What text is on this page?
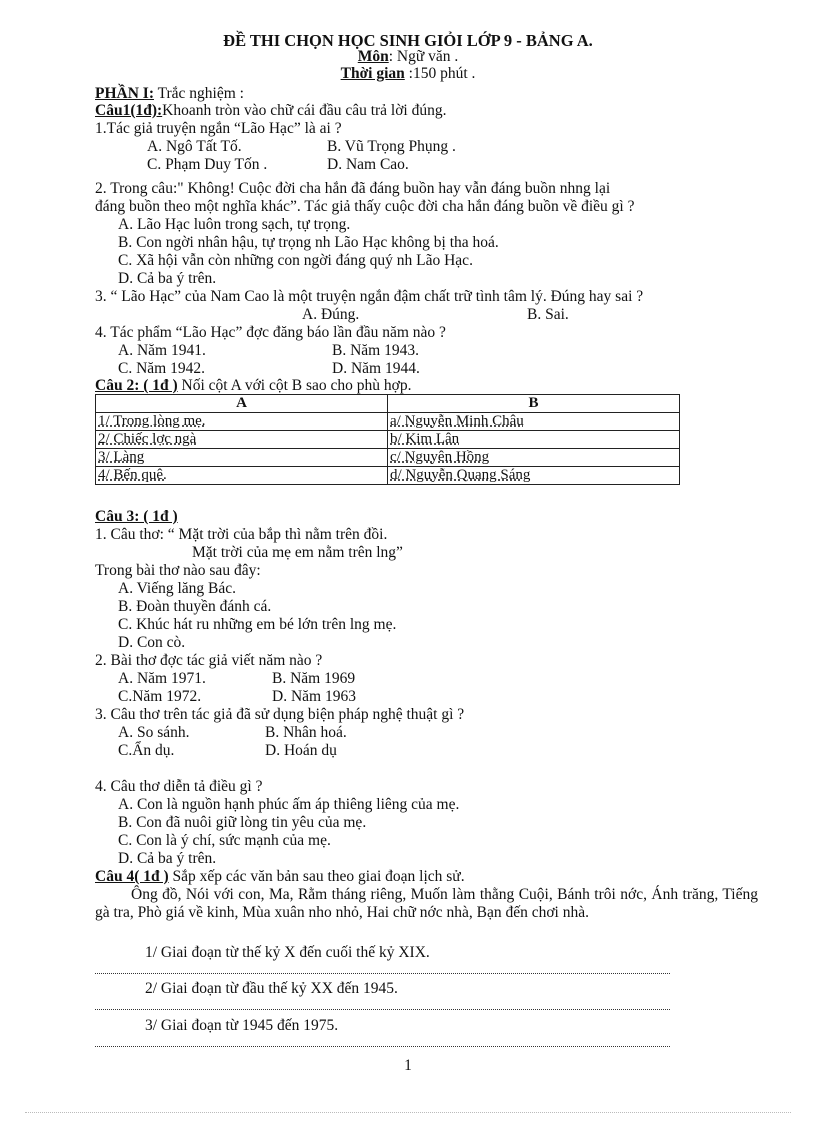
ĐỀ THI CHỌN HỌC SINH GIỎI LỚP 9 - BẢNG A.
Môn: Ngữ văn .
Thời gian :150 phút .
PHẦN I: Trắc nghiệm :
Câu1(1đ):Khoanh tròn vào chữ cái đầu câu trả lời đúng.
1.Tác giả truyện ngắn “Lão Hạc” là ai ?
A. Ngô Tất Tố.	B. Vũ Trọng Phụng .
C. Phạm Duy Tốn .	D. Nam Cao.
2. Trong câu:" Không! Cuộc đời cha hắn đã đáng buồn hay vẫn đáng buồn nhng lại
đáng buồn theo một nghĩa khác”. Tác giả thấy cuộc đời cha hắn đáng buồn về điều gì ?
A. Lão Hạc luôn trong sạch, tự trọng.
B. Con ngời nhân hậu, tự trọng nh Lão Hạc không bị tha hoá.
C. Xã hội vẫn còn những con ngời đáng quý nh Lão Hạc.
D. Cả ba ý trên.
3. “ Lão Hạc” của Nam Cao là một truyện ngắn đậm chất trữ tình tâm lý. Đúng hay sai ?
A. Đúng.	B. Sai.
4. Tác phẩm “Lão Hạc” đợc đăng báo lần đầu năm nào ?
A. Năm 1941.	B. Năm 1943.
C. Năm 1942.	D. Năm 1944.
Câu 2: ( 1đ ) Nối cột A với cột B sao cho phù hợp.
A	B
1/ Trong lòng mẹ.	a/ Nguyễn Minh Châu
2/ Chiếc lợc ngà	b/ Kim Lân
3/ Làng	c/ Nguyên Hồng
4/ Bến quê.	d/ Nguyễn Quang Sáng
Câu 3: ( 1đ )
1. Câu thơ: “ Mặt trời của bắp thì nằm trên đồi.
Mặt trời của mẹ em nằm trên lng”
Trong bài thơ nào sau đây:
A. Viếng lăng Bác.
B. Đoàn thuyền đánh cá.
C. Khúc hát ru những em bé lớn trên lng mẹ.
D. Con cò.
2. Bài thơ đợc tác giả viết năm nào ?
A. Năm 1971.	B. Năm 1969
C.Năm 1972.	D. Năm 1963
3. Câu thơ trên tác giả đã sử dụng biện pháp nghệ thuật gì ?
A. So sánh.	B. Nhân hoá.
C.Ẩn dụ.	D. Hoán dụ
4. Câu thơ diễn tả điều gì ?
A. Con là nguồn hạnh phúc ấm áp thiêng liêng của mẹ.
B. Con đã nuôi giữ lòng tin yêu của mẹ.
C. Con là ý chí, sức mạnh của mẹ.
D. Cả ba ý trên.
Câu 4( 1đ ) Sắp xếp các văn bản sau theo giai đoạn lịch sử.
Ông đồ, Nói với con, Ma, Rằm tháng riêng, Muốn làm thằng Cuội, Bánh trôi nớc, Ánh trăng, Tiếng gà tra, Phò giá về kinh, Mùa xuân nho nhỏ, Hai chữ nớc nhà, Bạn đến chơi nhà.
1/ Giai đoạn từ thế kỷ X đến cuối thế kỷ XIX.
2/ Giai đoạn từ đầu thế kỷ XX đến 1945.
3/ Giai đoạn từ 1945 đến 1975.
1
